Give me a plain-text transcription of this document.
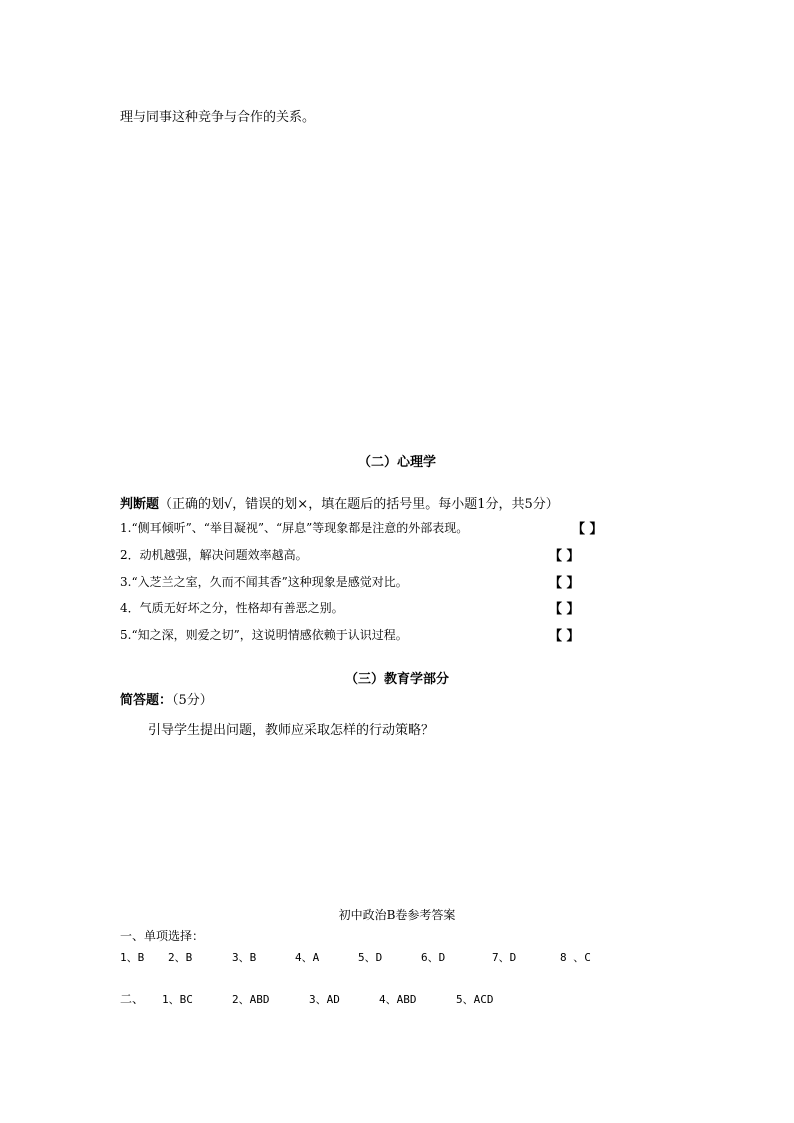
理与同事这种竞争与合作的关系。
（二）心理学
判断题（正确的划√，错误的划×，填在题后的括号里。每小题1分，共5分）
1.“侧耳倾听”、“举目凝视”、“屏息”等现象都是注意的外部表现。	【 】
2．动机越强，解决问题效率越高。	【 】
3.“入芝兰之室，久而不闻其香”这种现象是感觉对比。	【 】
4．气质无好坏之分，性格却有善恶之别。	【 】
5.“知之深，则爱之切”，这说明情感依赖于认识过程。	【 】
（三）教育学部分
简答题：（5分）
引导学生提出问题，教师应采取怎样的行动策略？
初中政治B卷参考答案
一、单项选择：
1、B 2、B	3、B	4、A	5、D	6、D	7、D	8 、C
二、 1、BC	2、ABD	3、AD	4、ABD	5、ACD
